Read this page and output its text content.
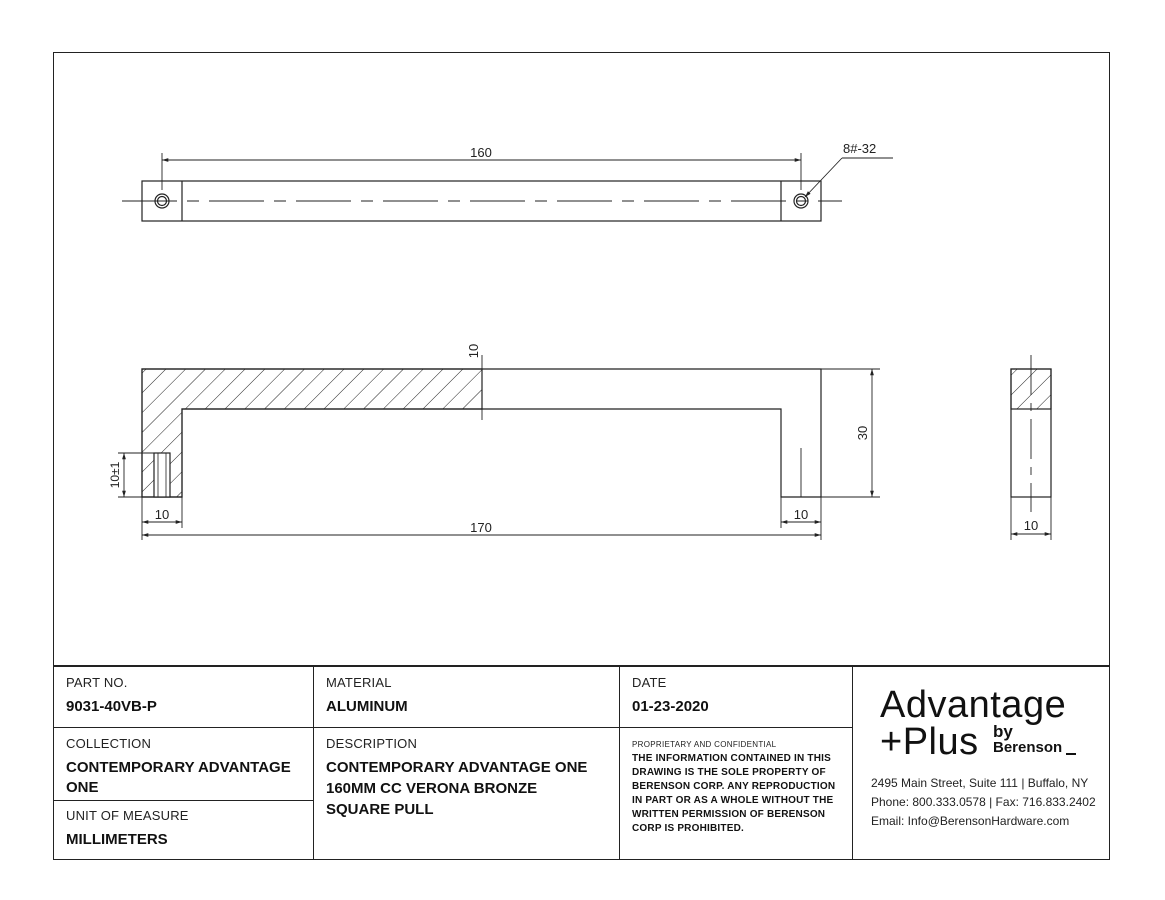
160	8#-32
10
30
10±1
10	10
170	10
PART NO.
9031-40VB-P
MATERIAL
ALUMINUM
DATE
01-23-2020
COLLECTION
CONTEMPORARY ADVANTAGE
ONE
DESCRIPTION
CONTEMPORARY ADVANTAGE ONE
160MM CC VERONA BRONZE
SQUARE PULL
UNIT OF MEASURE
MILLIMETERS
PROPRIETARY AND CONFIDENTIAL
THE INFORMATION CONTAINED IN THIS
DRAWING IS THE SOLE PROPERTY OF
BERENSON CORP. ANY REPRODUCTION
IN PART OR AS A WHOLE WITHOUT THE
WRITTEN PERMISSION OF BERENSON
CORP IS PROHIBITED.
Advantage
+Plus by
Berenson
2495 Main Street, Suite 111 | Buffalo, NY
Phone: 800.333.0578 | Fax: 716.833.2402
Email: Info@BerensonHardware.com
